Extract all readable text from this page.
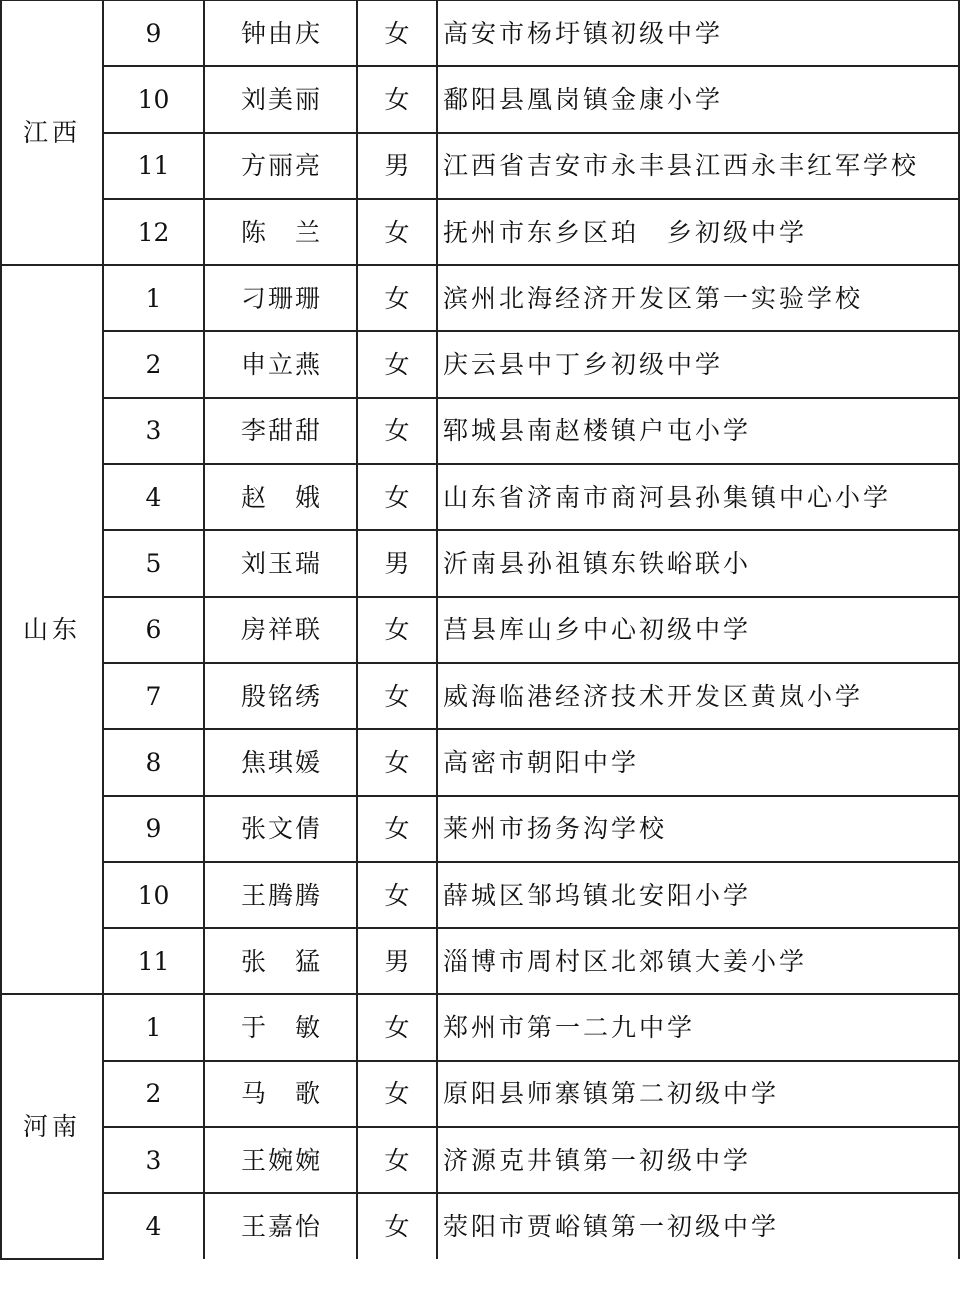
江西	9	钟由庆	女	高安市杨圩镇初级中学
	10	刘美丽	女	鄱阳县凰岗镇金康小学
	11	方丽亮	男	江西省吉安市永丰县江西永丰红军学校
	12	陈　兰	女	抚州市东乡区珀　乡初级中学
山东	1	刁珊珊	女	滨州北海经济开发区第一实验学校
	2	申立燕	女	庆云县中丁乡初级中学
	3	李甜甜	女	郓城县南赵楼镇户屯小学
	4	赵　娥	女	山东省济南市商河县孙集镇中心小学
	5	刘玉瑞	男	沂南县孙祖镇东铁峪联小
	6	房祥联	女	莒县库山乡中心初级中学
	7	殷铭绣	女	威海临港经济技术开发区黄岚小学
	8	焦琪媛	女	高密市朝阳中学
	9	张文倩	女	莱州市扬务沟学校
	10	王腾腾	女	薛城区邹坞镇北安阳小学
	11	张　猛	男	淄博市周村区北郊镇大姜小学
河南	1	于　敏	女	郑州市第一二九中学
	2	马　歌	女	原阳县师寨镇第二初级中学
	3	王婉婉	女	济源克井镇第一初级中学
	4	王嘉怡	女	荥阳市贾峪镇第一初级中学
